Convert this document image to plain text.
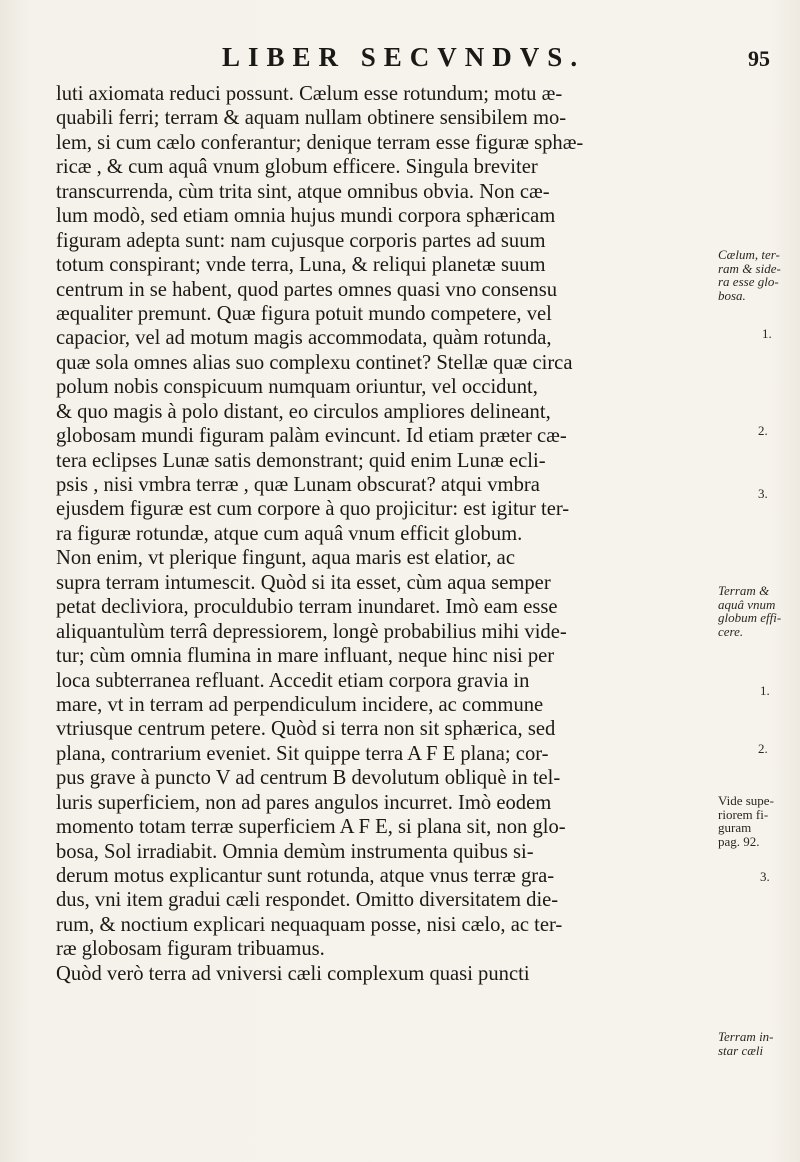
LIBER SECVNDVS.	95
luti axiomata reduci possunt. Cælum esse rotundum; motu æ-
quabili ferri; terram & aquam nullam obtinere sensibilem mo-
lem, si cum cælo conferantur; denique terram esse figuræ sphæ-
ricæ , & cum aquâ vnum globum efficere. Singula breviter
transcurrenda, cùm trita sint, atque omnibus obvia. Non cæ-
lum modò, sed etiam omnia hujus mundi corpora sphæricam
figuram adepta sunt: nam cujusque corporis partes ad suum
totum conspirant; vnde terra, Luna, & reliqui planetæ suum
centrum in se habent, quod partes omnes quasi vno consensu
æqualiter premunt. Quæ figura potuit mundo competere, vel
capacior, vel ad motum magis accommodata, quàm rotunda,
quæ sola omnes alias suo complexu continet? Stellæ quæ circa
polum nobis conspicuum numquam oriuntur, vel occidunt,
& quo magis à polo distant, eo circulos ampliores delineant,
globosam mundi figuram palàm evincunt. Id etiam præter cæ-
tera eclipses Lunæ satis demonstrant; quid enim Lunæ ecli-
psis , nisi vmbra terræ , quæ Lunam obscurat? atqui vmbra
ejusdem figuræ est cum corpore à quo projicitur: est igitur ter-
ra figuræ rotundæ, atque cum aquâ vnum efficit globum.
Non enim, vt plerique fingunt, aqua maris est elatior, ac
supra terram intumescit. Quòd si ita esset, cùm aqua semper
petat decliviora, proculdubio terram inundaret. Imò eam esse
aliquantulùm terrâ depressiorem, longè probabilius mihi vide-
tur; cùm omnia flumina in mare influant, neque hinc nisi per
loca subterranea refluant. Accedit etiam corpora gravia in
mare, vt in terram ad perpendiculum incidere, ac commune
vtriusque centrum petere. Quòd si terra non sit sphærica, sed
plana, contrarium eveniet. Sit quippe terra A F E plana; cor-
pus grave à puncto V ad centrum B devolutum obliquè in tel-
luris superficiem, non ad pares angulos incurret. Imò eodem
momento totam terræ superficiem A F E, si plana sit, non glo-
bosa, Sol irradiabit. Omnia demùm instrumenta quibus si-
derum motus explicantur sunt rotunda, atque vnus terræ gra-
dus, vni item gradui cæli respondet. Omitto diversitatem die-
rum, & noctium explicari nequaquam posse, nisi cælo, ac ter-
ræ globosam figuram tribuamus.
Quòd verò terra ad vniversi cæli complexum quasi puncti
Cælum, ter-
ram & side-
ra esse glo-
bosa.
1.
2.
3.
Terram &
aquâ vnum
globum effi-
cere.
1.
2.
Vide supe-
riorem fi-
guram
pag. 92.
3.
Terram in-
star cæli
